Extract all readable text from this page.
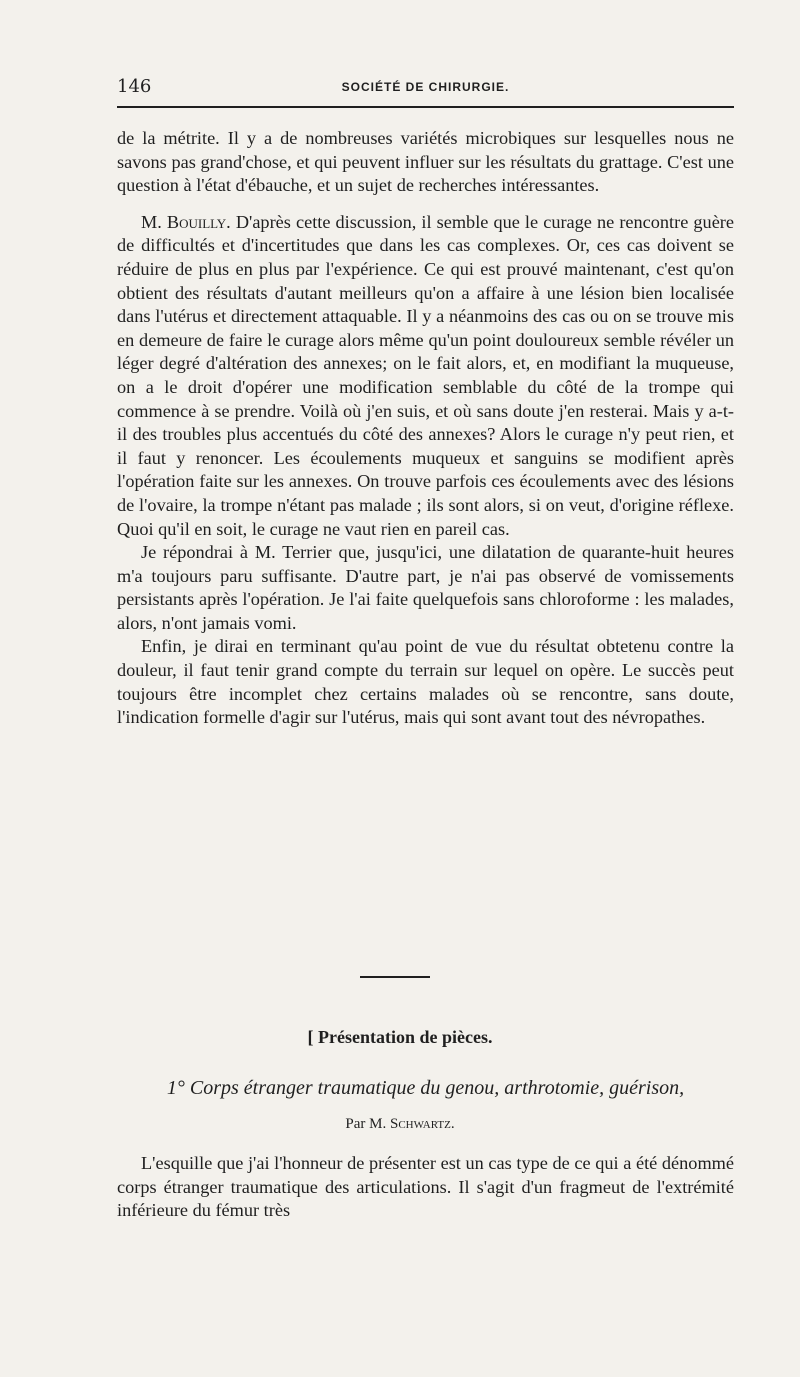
146	SOCIÉTÉ DE CHIRURGIE.

de la métrite. Il y a de nombreuses variétés microbiques sur lesquelles nous ne savons pas grand'chose, et qui peuvent influer sur les résultats du grattage. C'est une question à l'état d'ébauche, et un sujet de recherches intéressantes.

M. Bouilly. D'après cette discussion, il semble que le curage ne rencontre guère de difficultés et d'incertitudes que dans les cas complexes. Or, ces cas doivent se réduire de plus en plus par l'expérience. Ce qui est prouvé maintenant, c'est qu'on obtient des résultats d'autant meilleurs qu'on a affaire à une lésion bien localisée dans l'utérus et directement attaquable. Il y a néanmoins des cas ou on se trouve mis en demeure de faire le curage alors même qu'un point douloureux semble révéler un léger degré d'altération des annexes; on le fait alors, et, en modifiant la muqueuse, on a le droit d'opérer une modification semblable du côté de la trompe qui commence à se prendre. Voilà où j'en suis, et où sans doute j'en resterai. Mais y a-t-il des troubles plus accentués du côté des annexes? Alors le curage n'y peut rien, et il faut y renoncer. Les écoulements muqueux et sanguins se modifient après l'opération faite sur les annexes. On trouve parfois ces écoulements avec des lésions de l'ovaire, la trompe n'étant pas malade ; ils sont alors, si on veut, d'origine réflexe. Quoi qu'il en soit, le curage ne vaut rien en pareil cas.

Je répondrai à M. Terrier que, jusqu'ici, une dilatation de quarante-huit heures m'a toujours paru suffisante. D'autre part, je n'ai pas observé de vomissements persistants après l'opération. Je l'ai faite quelquefois sans chloroforme : les malades, alors, n'ont jamais vomi.

Enfin, je dirai en terminant qu'au point de vue du résultat obtetenu contre la douleur, il faut tenir grand compte du terrain sur lequel on opère. Le succès peut toujours être incomplet chez certains malades où se rencontre, sans doute, l'indication formelle d'agir sur l'utérus, mais qui sont avant tout des névropathes.

[ Présentation de pièces.
1° Corps étranger traumatique du genou, arthrotomie, guérison,
Par M. Schwartz.

L'esquille que j'ai l'honneur de présenter est un cas type de ce qui a été dénommé corps étranger traumatique des articulations. Il s'agit d'un fragmeut de l'extrémité inférieure du fémur très
